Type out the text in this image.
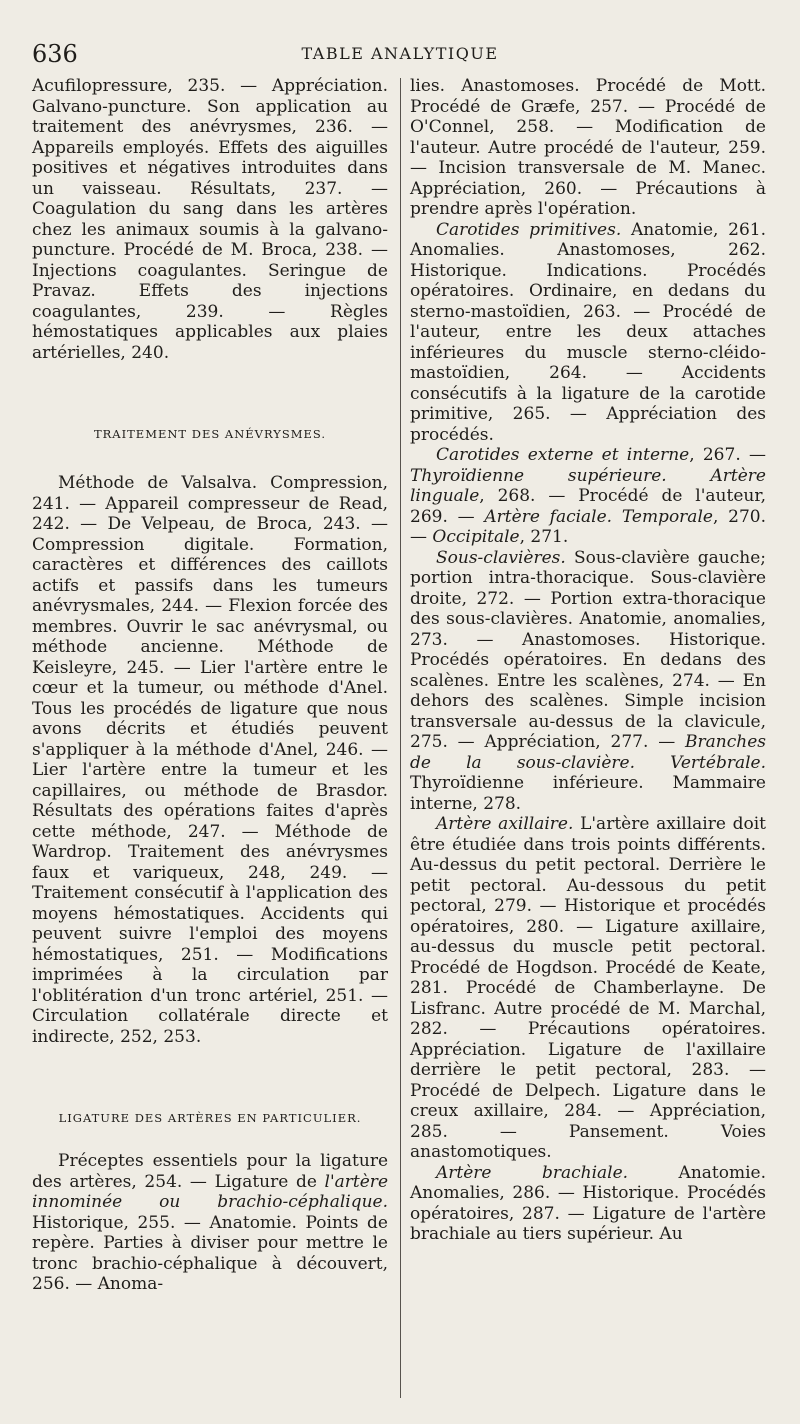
636	TABLE ANALYTIQUE

Acufilopressure, 235. — Appréciation. Galvano-puncture. Son application au traitement des anévrysmes, 236. — Appareils employés. Effets des aiguilles positives et négatives introduites dans un vaisseau. Résultats, 237. — Coagulation du sang dans les artères chez les animaux soumis à la galvano-puncture. Procédé de M. Broca, 238. — Injections coagulantes. Seringue de Pravaz. Effets des injections coagulantes, 239. — Règles hémostatiques applicables aux plaies artérielles, 240.

TRAITEMENT DES ANÉVRYSMES.

Méthode de Valsalva. Compression, 241. — Appareil compresseur de Read, 242. — De Velpeau, de Broca, 243. — Compression digitale. Formation, caractères et différences des caillots actifs et passifs dans les tumeurs anévrysmales, 244. — Flexion forcée des membres. Ouvrir le sac anévrysmal, ou méthode ancienne. Méthode de Keisleyre, 245. — Lier l'artère entre le cœur et la tumeur, ou méthode d'Anel. Tous les procédés de ligature que nous avons décrits et étudiés peuvent s'appliquer à la méthode d'Anel, 246. — Lier l'artère entre la tumeur et les capillaires, ou méthode de Brasdor. Résultats des opérations faites d'après cette méthode, 247. — Méthode de Wardrop. Traitement des anévrysmes faux et variqueux, 248, 249. — Traitement consécutif à l'application des moyens hémostatiques. Accidents qui peuvent suivre l'emploi des moyens hémostatiques, 251. — Modifications imprimées à la circulation par l'oblitération d'un tronc artériel, 251. — Circulation collatérale directe et indirecte, 252, 253.

LIGATURE DES ARTÈRES EN PARTICULIER.

Préceptes essentiels pour la ligature des artères, 254. — Ligature de l'artère innominée ou brachio-céphalique. Historique, 255. — Anatomie. Points de repère. Parties à diviser pour mettre le tronc brachio-céphalique à découvert, 256. — Anoma-

lies. Anastomoses. Procédé de Mott. Procédé de Græfe, 257. — Procédé de O'Connel, 258. — Modification de l'auteur. Autre procédé de l'auteur, 259. — Incision transversale de M. Manec. Appréciation, 260. — Précautions à prendre après l'opération.

Carotides primitives. Anatomie, 261. Anomalies. Anastomoses, 262. Historique. Indications. Procédés opératoires. Ordinaire, en dedans du sterno-mastoïdien, 263. — Procédé de l'auteur, entre les deux attaches inférieures du muscle sterno-cléido-mastoïdien, 264. — Accidents consécutifs à la ligature de la carotide primitive, 265. — Appréciation des procédés.

Carotides externe et interne, 267. — Thyroïdienne supérieure. Artère linguale, 268. — Procédé de l'auteur, 269. — Artère faciale. Temporale, 270. — Occipitale, 271.

Sous-clavières. Sous-clavière gauche; portion intra-thoracique. Sous-clavière droite, 272. — Portion extra-thoracique des sous-clavières. Anatomie, anomalies, 273. — Anastomoses. Historique. Procédés opératoires. En dedans des scalènes. Entre les scalènes, 274. — En dehors des scalènes. Simple incision transversale au-dessus de la clavicule, 275. — Appréciation, 277. — Branches de la sous-clavière. Vertébrale. Thyroïdienne inférieure. Mammaire interne, 278.

Artère axillaire. L'artère axillaire doit être étudiée dans trois points différents. Au-dessus du petit pectoral. Derrière le petit pectoral. Au-dessous du petit pectoral, 279. — Historique et procédés opératoires, 280. — Ligature axillaire, au-dessus du muscle petit pectoral. Procédé de Hogdson. Procédé de Keate, 281. Procédé de Chamberlayne. De Lisfranc. Autre procédé de M. Marchal, 282. — Précautions opératoires. Appréciation. Ligature de l'axillaire derrière le petit pectoral, 283. — Procédé de Delpech. Ligature dans le creux axillaire, 284. — Appréciation, 285. — Pansement. Voies anastomotiques.

Artère brachiale. Anatomie. Anomalies, 286. — Historique. Procédés opératoires, 287. — Ligature de l'artère brachiale au tiers supérieur. Au
